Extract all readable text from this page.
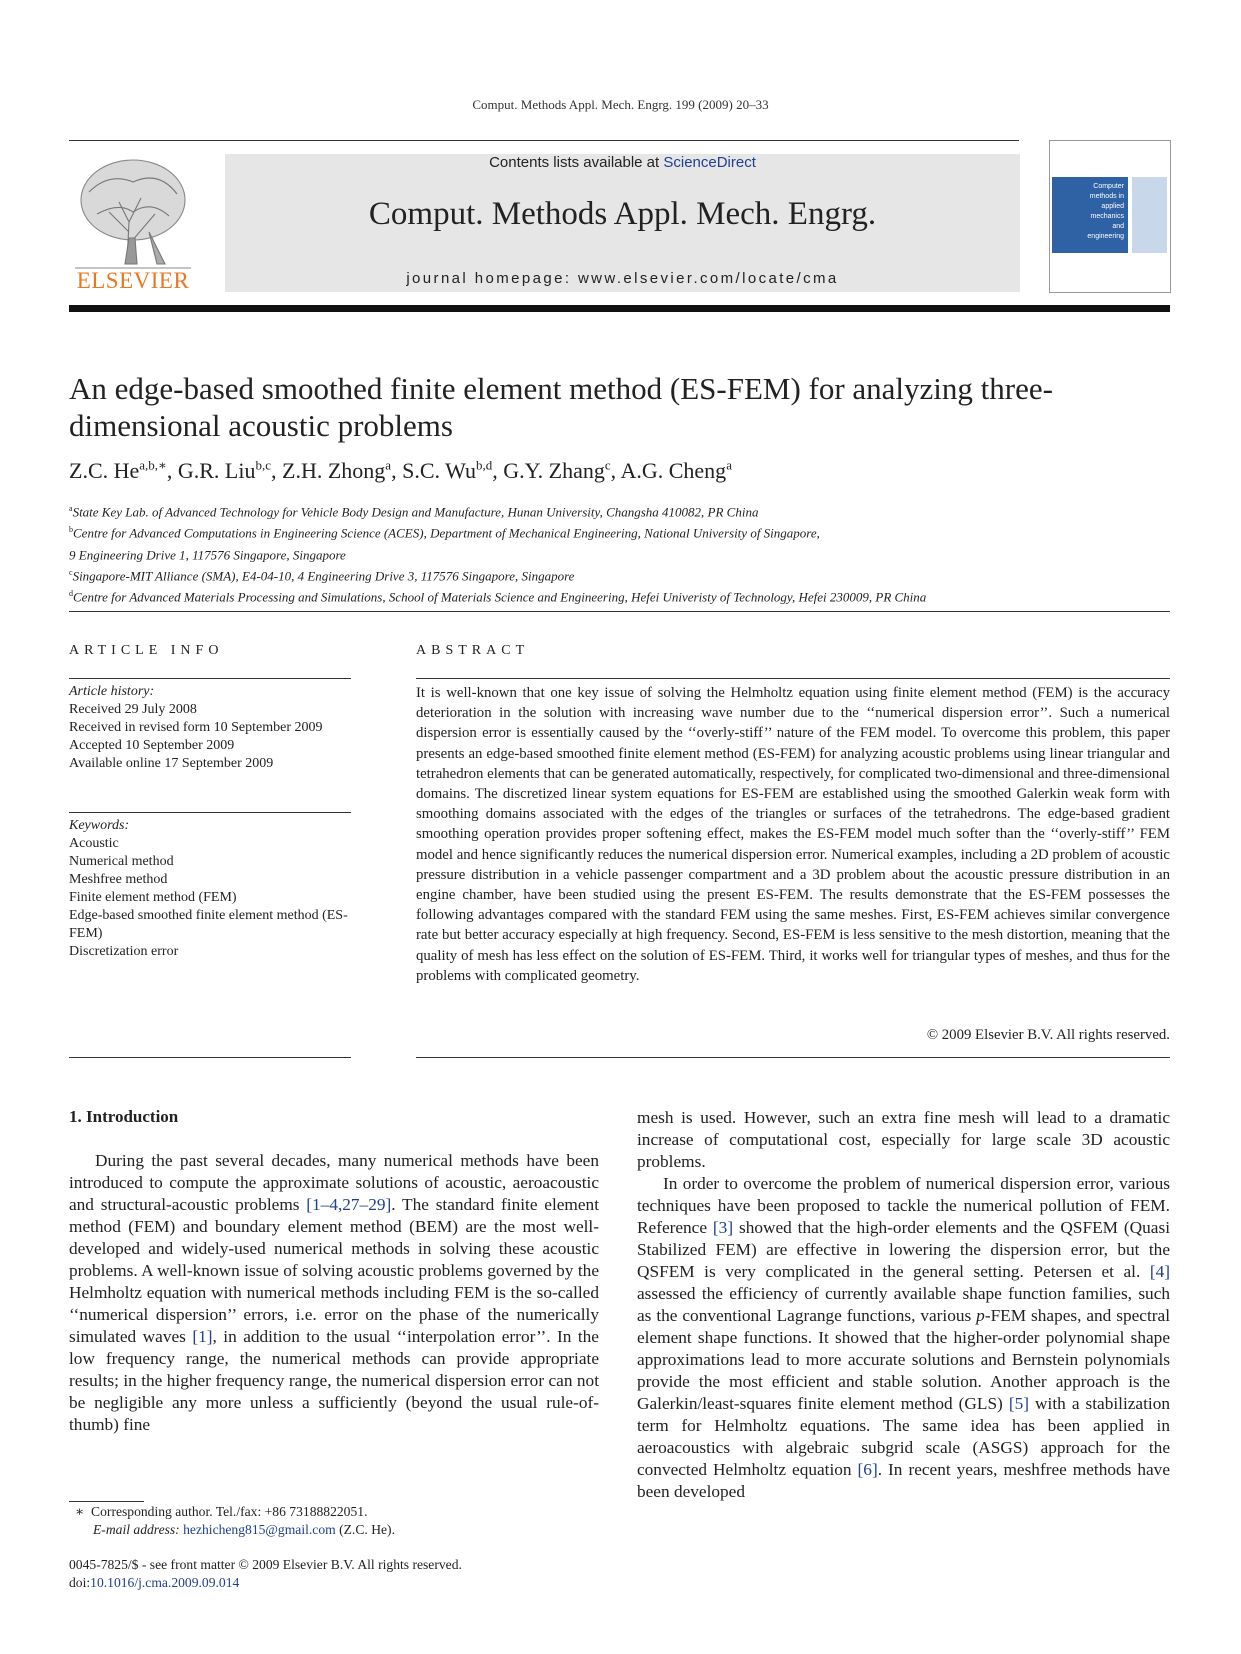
Comput. Methods Appl. Mech. Engrg. 199 (2009) 20–33
ELSEVIER
Contents lists available at ScienceDirect
Comput. Methods Appl. Mech. Engrg.
journal homepage: www.elsevier.com/locate/cma
Computer
methods in
applied
mechanics
and
engineering
An edge-based smoothed finite element method (ES-FEM) for analyzing three-dimensional acoustic problems
Z.C. $He^{a,b,∗}$, G.R. Liu$^{b,c}$, Z.H. Zhong$^a$, S.C. Wu$^{b,d}$, G.Y. Zhang$^c$, A.G. Cheng$^a$
$^a$State Key Lab. of Advanced Technology for Vehicle Body Design and Manufacture, Hunan University, Changsha 410082, PR China
$^b$Centre for Advanced Computations in Engineering Science (ACES), Department of Mechanical Engineering, National University of Singapore,
9 Engineering Drive 1, 117576 Singapore, Singapore
$^c$Singapore-MIT Alliance (SMA), E4-04-10, 4 Engineering Drive 3, 117576 Singapore, Singapore
$^d$Centre for Advanced Materials Processing and Simulations, School of Materials Science and Engineering, Hefei Univeristy of Technology, Hefei 230009, PR China
ARTICLE INFO
Article history:
Received 29 July 2008
Received in revised form 10 September 2009
Accepted 10 September 2009
Available online 17 September 2009
Keywords:
Acoustic
Numerical method
Meshfree method
Finite element method (FEM)
Edge-based smoothed finite element method (ES-FEM)
Discretization error
ABSTRACT
It is well-known that one key issue of solving the Helmholtz equation using finite element method (FEM) is the accuracy deterioration in the solution with increasing wave number due to the ‘‘numerical dispersion error’’. Such a numerical dispersion error is essentially caused by the ‘‘overly-stiff’’ nature of the FEM model. To overcome this problem, this paper presents an edge-based smoothed finite element method (ES-FEM) for analyzing acoustic problems using linear triangular and tetrahedron elements that can be generated automatically, respectively, for complicated two-dimensional and three-dimensional domains. The discretized linear system equations for ES-FEM are established using the smoothed Galerkin weak form with smoothing domains associated with the edges of the triangles or surfaces of the tetrahedrons. The edge-based gradient smoothing operation provides proper softening effect, makes the ES-FEM model much softer than the ‘‘overly-stiff’’ FEM model and hence significantly reduces the numerical dispersion error. Numerical examples, including a 2D problem of acoustic pressure distribution in a vehicle passenger compartment and a 3D problem about the acoustic pressure distribution in an engine chamber, have been studied using the present ES-FEM. The results demonstrate that the ES-FEM possesses the following advantages compared with the standard FEM using the same meshes. First, ES-FEM achieves similar convergence rate but better accuracy especially at high frequency. Second, ES-FEM is less sensitive to the mesh distortion, meaning that the quality of mesh has less effect on the solution of ES-FEM. Third, it works well for triangular types of meshes, and thus for the problems with complicated geometry.
© 2009 Elsevier B.V. All rights reserved.
1. Introduction

During the past several decades, many numerical methods have been introduced to compute the approximate solutions of acoustic, aeroacoustic and structural-acoustic problems [1–4,27–29]. The standard finite element method (FEM) and boundary element method (BEM) are the most well-developed and widely-used numerical methods in solving these acoustic problems. A well-known issue of solving acoustic problems governed by the Helmholtz equation with numerical methods including FEM is the so-called ‘‘numerical dispersion’’ errors, i.e. error on the phase of the numerically simulated waves [1], in addition to the usual ‘‘interpolation error’’. In the low frequency range, the numerical methods can provide appropriate results; in the higher frequency range, the numerical dispersion error can not be negligible any more unless a sufficiently (beyond the usual rule-of-thumb) fine

mesh is used. However, such an extra fine mesh will lead to a dramatic increase of computational cost, especially for large scale 3D acoustic problems.

In order to overcome the problem of numerical dispersion error, various techniques have been proposed to tackle the numerical pollution of FEM. Reference [3] showed that the high-order elements and the QSFEM (Quasi Stabilized FEM) are effective in lowering the dispersion error, but the QSFEM is very complicated in the general setting. Petersen et al. [4] assessed the efficiency of currently available shape function families, such as the conventional Lagrange functions, various p-FEM shapes, and spectral element shape functions. It showed that the higher-order polynomial shape approximations lead to more accurate solutions and Bernstein polynomials provide the most efficient and stable solution. Another approach is the Galerkin/least-squares finite element method (GLS) [5] with a stabilization term for Helmholtz equations. The same idea has been applied in aeroacoustics with algebraic subgrid scale (ASGS) approach for the convected Helmholtz equation [6]. In recent years, meshfree methods have been developed

∗ Corresponding author. Tel./fax: +86 73188822051.
E-mail address: hezhicheng815@gmail.com (Z.C. He).
0045-7825/$ - see front matter © 2009 Elsevier B.V. All rights reserved.
doi:10.1016/j.cma.2009.09.014
